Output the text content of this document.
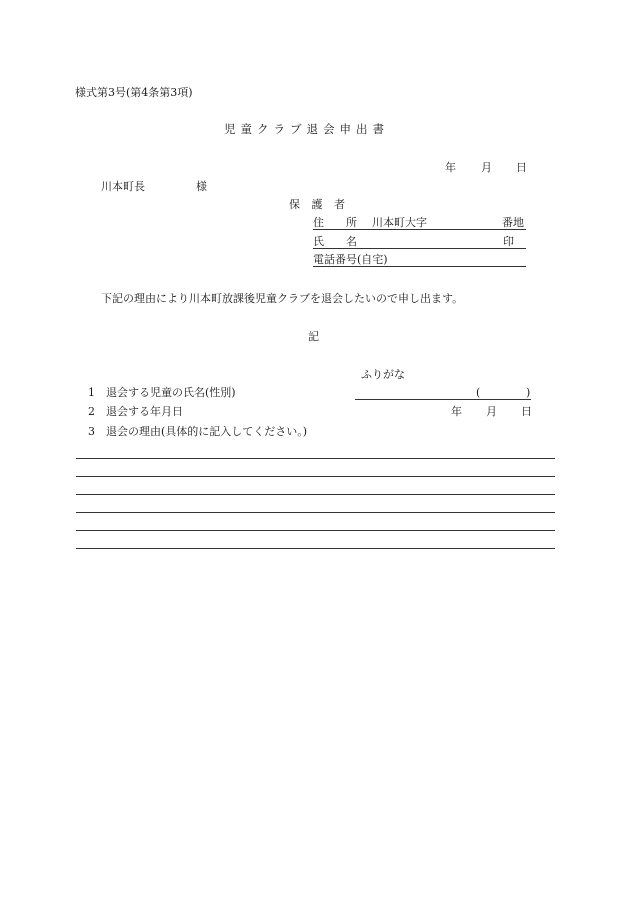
様式第3号(第4条第3項)
児童クラブ退会申出書
年 月 日
川本町長	様
保 護 者
住　　所 川本町大字	番地
氏　　名	印
電話番号(自宅)
下記の理由により川本町放課後児童クラブを退会したいので申し出ます。
記
ふりがな
1 退会する児童の氏名(性別)	(	)
2 退会する年月日	年 月 日
3 退会の理由(具体的に記入してください。)
